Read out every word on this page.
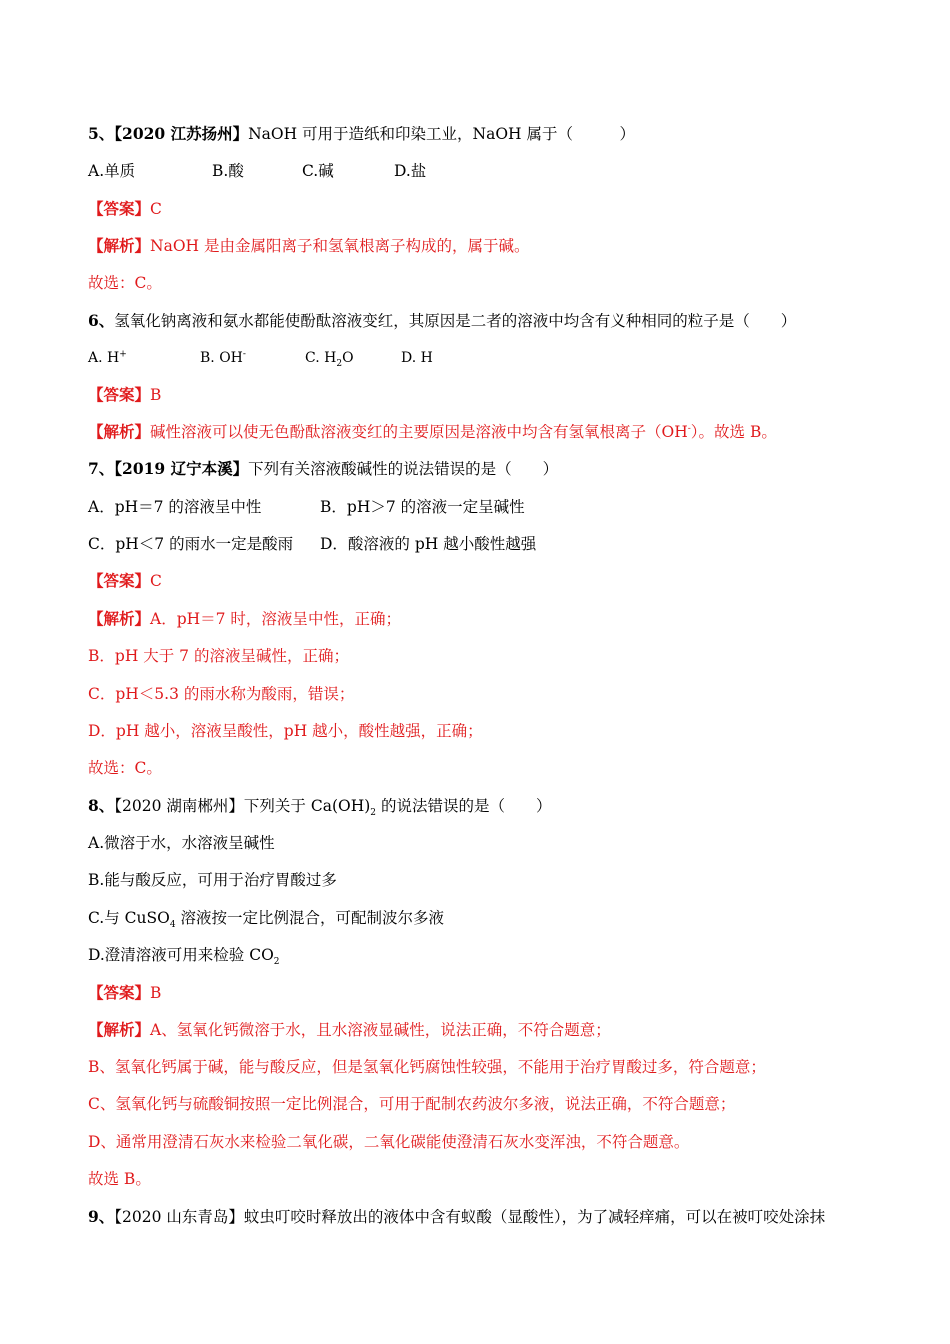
5、【2020 江苏扬州】NaOH 可用于造纸和印染工业，NaOH 属于（　　　）
A.单质	B.酸	C.碱	D.盐
【答案】C
【解析】NaOH 是由金属阳离子和氢氧根离子构成的，属于碱。
故选：C。
6、氢氧化钠离液和氨水都能使酚酞溶液变红，其原因是二者的溶液中均含有义种相同的粒子是（　　）
A. H+	B. OH-	C. $H_2O$	D. H
【答案】B
【解析】碱性溶液可以使无色酚酞溶液变红的主要原因是溶液中均含有氢氧根离子（OH-）。故选 B。
7、【2019 辽宁本溪】下列有关溶液酸碱性的说法错误的是（　　）
A．pH＝7 的溶液呈中性	B．pH＞7 的溶液一定呈碱性
C．pH＜7 的雨水一定是酸雨 D．酸溶液的 pH 越小酸性越强
【答案】C
【解析】A．pH＝7 时，溶液呈中性，正确；
B．pH 大于 7 的溶液呈碱性，正确；
C．pH＜5.3 的雨水称为酸雨，错误；
D．pH 越小，溶液呈酸性，pH 越小，酸性越强，正确；
故选：C。
8、【2020 湖南郴州】下列关于 $Ca(OH)_2$ 的说法错误的是（　　）
A.微溶于水，水溶液呈碱性
B.能与酸反应，可用于治疗胃酸过多
C.与 CuSO$_4$ 溶液按一定比例混合，可配制波尔多液
D.澄清溶液可用来检验 $CO_2$
【答案】B
【解析】A、氢氧化钙微溶于水，且水溶液显碱性，说法正确，不符合题意；
B、氢氧化钙属于碱，能与酸反应，但是氢氧化钙腐蚀性较强，不能用于治疗胃酸过多，符合题意；
C、氢氧化钙与硫酸铜按照一定比例混合，可用于配制农药波尔多液，说法正确，不符合题意；
D、通常用澄清石灰水来检验二氧化碳，二氧化碳能使澄清石灰水变浑浊，不符合题意。
故选 B。
9、【2020 山东青岛】蚊虫叮咬时释放出的液体中含有蚁酸（显酸性），为了减轻痒痛，可以在被叮咬处涂抹
